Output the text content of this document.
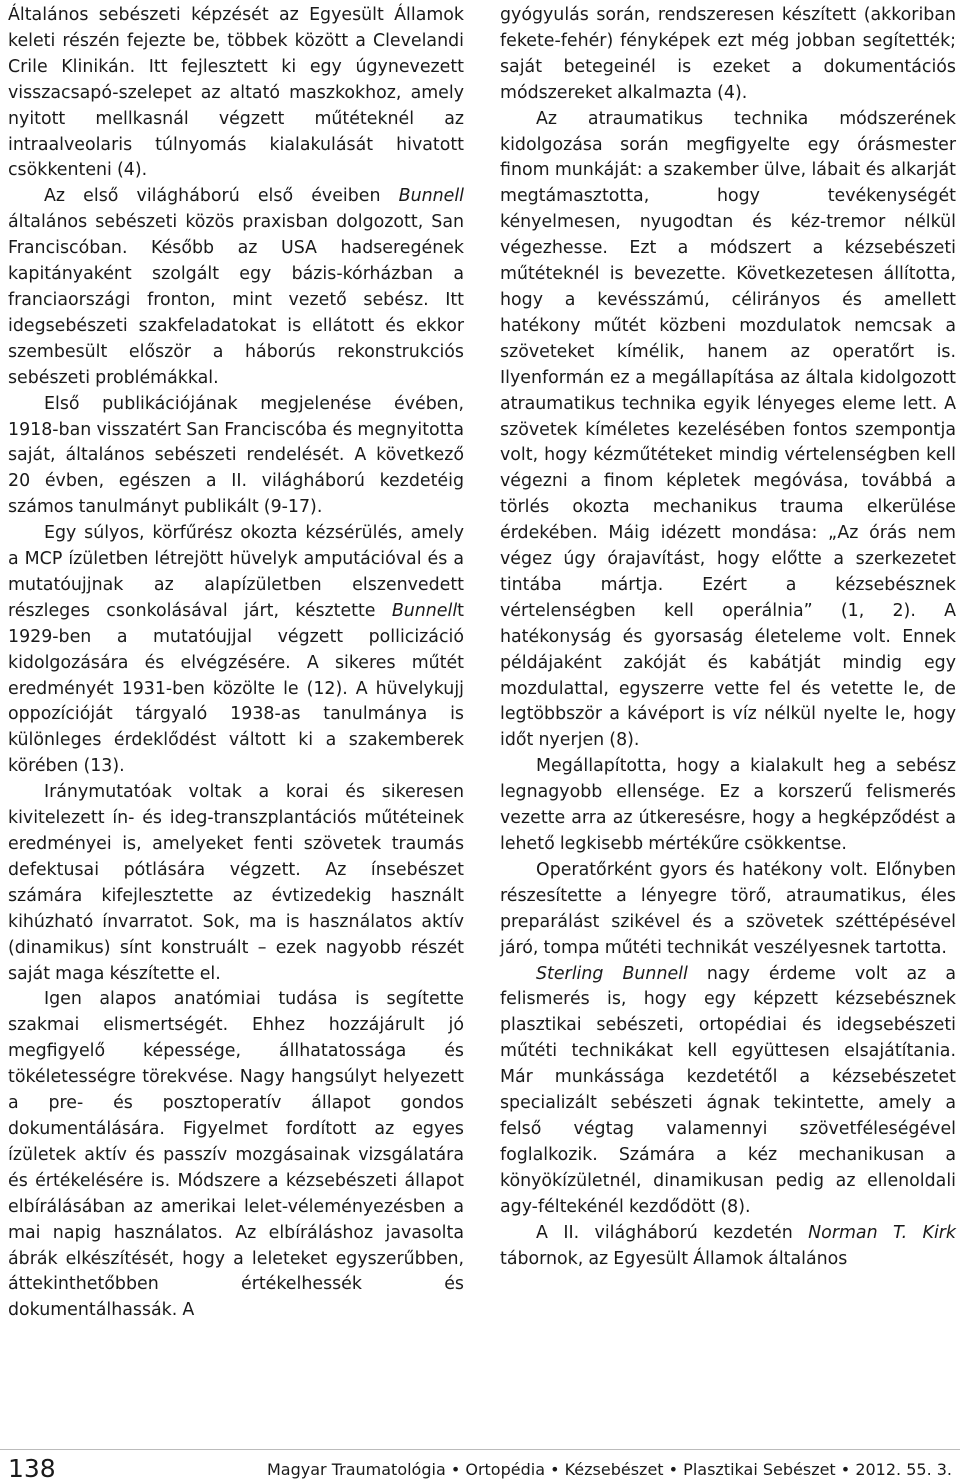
Általános sebészeti képzését az Egyesült Államok keleti részén fejezte be, többek között a Clevelandi Crile Klinikán. Itt fejlesztett ki egy úgynevezett visszacsapó-szelepet az altató maszkokhoz, amely nyitott mellkasnál végzett műtéteknél az intraalveolaris túlnyomás kialakulását hivatott csökkenteni (4).

Az első világháború első éveiben Bunnell általános sebészeti közös praxisban dolgozott, San Franciscóban. Később az USA hadseregének kapitányaként szolgált egy bázis-kórházban a franciaországi fronton, mint vezető sebész. Itt idegsebészeti szakfeladatokat is ellátott és ekkor szembesült először a háborús rekonstrukciós sebészeti problémákkal.

Első publikációjának megjelenése évében, 1918-ban visszatért San Franciscóba és megnyitotta saját, általános sebészeti rendelését. A következő 20 évben, egészen a II. világháború kezdetéig számos tanulmányt publikált (9-17).

Egy súlyos, körfűrész okozta kézsérülés, amely a MCP ízületben létrejött hüvelyk amputációval és a mutatóujjnak az alapízületben elszenvedett részleges csonkolásával járt, késztette Bunnellt 1929-ben a mutatóujjal végzett pollicizáció kidolgozására és elvégzésére. A sikeres műtét eredményét 1931-ben közölte le (12). A hüvelykujj oppozícióját tárgyaló 1938-as tanulmánya is különleges érdeklődést váltott ki a szakemberek körében (13).

Iránymutatóak voltak a korai és sikeresen kivitelezett ín- és ideg-transzplantációs műtéteinek eredményei is, amelyeket fenti szövetek traumás defektusai pótlására végzett. Az ínsebészet számára kifejlesztette az évtizedekig használt kihúzható ínvarratot. Sok, ma is használatos aktív (dinamikus) sínt konstruált – ezek nagyobb részét saját maga készítette el.

Igen alapos anatómiai tudása is segítette szakmai elismertségét. Ehhez hozzájárult jó megfigyelő képessége, állhatatossága és tökéletességre törekvése. Nagy hangsúlyt helyezett a pre- és posztoperatív állapot gondos dokumentálására. Figyelmet fordított az egyes ízületek aktív és passzív mozgásainak vizsgálatára és értékelésére is. Módszere a kézsebészeti állapot elbírálásában az amerikai lelet-véleményezésben a mai napig használatos. Az elbíráláshoz javasolta ábrák elkészítését, hogy a leleteket egyszerűbben, áttekinthetőbben értékelhessék és dokumentálhassák. A

gyógyulás során, rendszeresen készített (akkoriban fekete-fehér) fényképek ezt még jobban segítették; saját betegeinél is ezeket a dokumentációs módszereket alkalmazta (4).

Az atraumatikus technika módszerének kidolgozása során megfigyelte egy órásmester finom munkáját: a szakember ülve, lábait és alkarját megtámasztotta, hogy tevékenységét kényelmesen, nyugodtan és kéz-tremor nélkül végezhesse. Ezt a módszert a kézsebészeti műtéteknél is bevezette. Következetesen állította, hogy a kevésszámú, célirányos és amellett hatékony műtét közbeni mozdulatok nemcsak a szöveteket kímélik, hanem az operatőrt is. Ilyenformán ez a megállapítása az általa kidolgozott atraumatikus technika egyik lényeges eleme lett. A szövetek kíméletes kezelésében fontos szempontja volt, hogy kézműtéteket mindig vértelenségben kell végezni a finom képletek megóvása, továbbá a törlés okozta mechanikus trauma elkerülése érdekében. Máig idézett mondása: „Az órás nem végez úgy órajavítást, hogy előtte a szerkezetet tintába mártja. Ezért a kézsebésznek vértelenségben kell operálnia” (1, 2). A hatékonyság és gyorsaság életeleme volt. Ennek példájaként zakóját és kabátját mindig egy mozdulattal, egyszerre vette fel és vetette le, de legtöbbször a kávéport is víz nélkül nyelte le, hogy időt nyerjen (8).

Megállapította, hogy a kialakult heg a sebész legnagyobb ellensége. Ez a korszerű felismerés vezette arra az útkeresésre, hogy a hegképződést a lehető legkisebb mértékűre csökkentse.

Operatőrként gyors és hatékony volt. Előnyben részesítette a lényegre törő, atraumatikus, éles preparálást szikével és a szövetek széttépésével járó, tompa műtéti technikát veszélyesnek tartotta.

Sterling Bunnell nagy érdeme volt az a felismerés is, hogy egy képzett kézsebésznek plasztikai sebészeti, ortopédiai és idegsebészeti műtéti technikákat kell együttesen elsajátítania. Már munkássága kezdetétől a kézsebészetet specializált sebészeti ágnak tekintette, amely a felső végtag valamennyi szövetféleségével foglalkozik. Számára a kéz mechanikusan a könyökízületnél, dinamikusan pedig az ellenoldali agy-féltekénél kezdődött (8).

A II. világháború kezdetén Norman T. Kirk tábornok, az Egyesült Államok általános

138	Magyar Traumatológia • Ortopédia • Kézsebészet • Plasztikai Sebészet • 2012. 55. 3.
